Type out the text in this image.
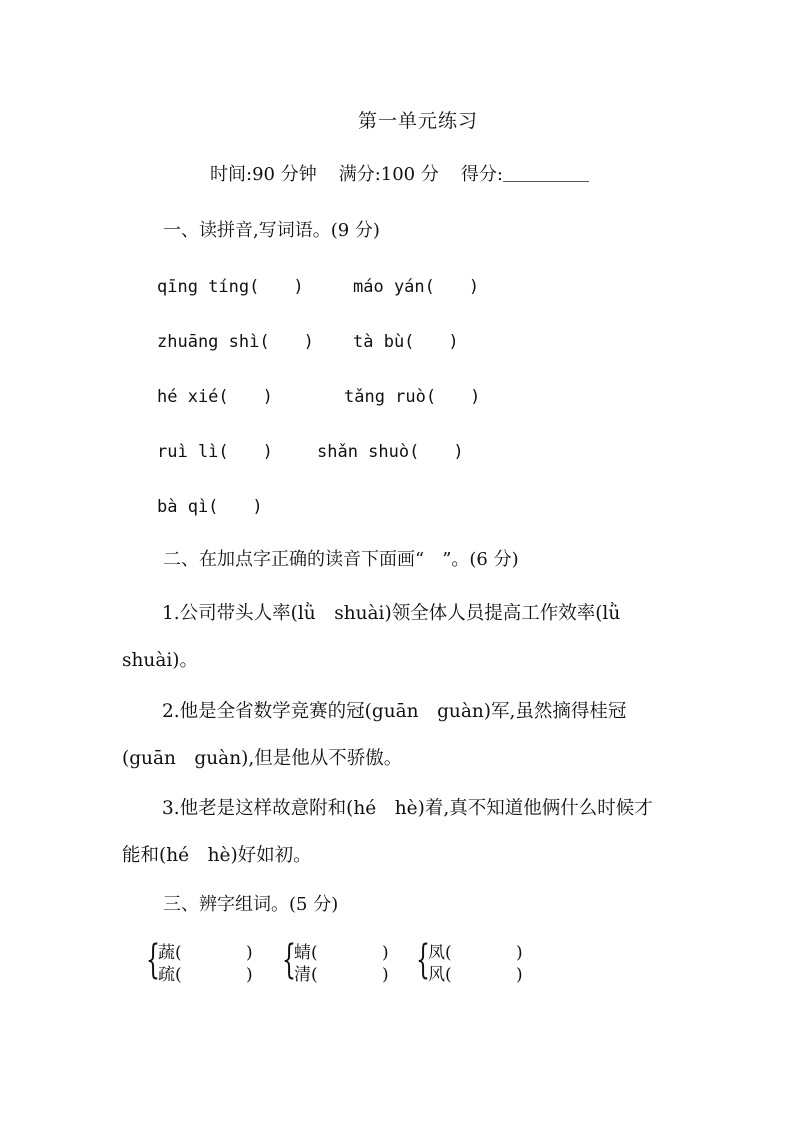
第一单元练习
时间:90 分钟 满分:100 分 得分:
一、读拼音,写词语。(9 分)
qīng tíng(　　)	máo yán(　　)
zhuāng shì(　　) tà bù(　　)
hé xié(　　)	tǎng ruò(　　)
ruì lì(　　)	shǎn shuò(　　)
bà qì(　　)
二、在加点字正确的读音下面画“　”。(6 分)
1.公司带头人率(lǜ　shuài)领全体人员提高工作效率(lǜ　shuài)。
2.他是全省数学竞赛的冠(guān　guàn)军,虽然摘得桂冠(guān　guàn),但是他从不骄傲。
3.他老是这样故意附和(hé　hè)着,真不知道他俩什么时候才能和(hé　hè)好如初。
三、辨字组词。(5 分)
{
蔬(	)
疏(	) {
蜻(	)
清(	) {
凤(	)
风(	)
